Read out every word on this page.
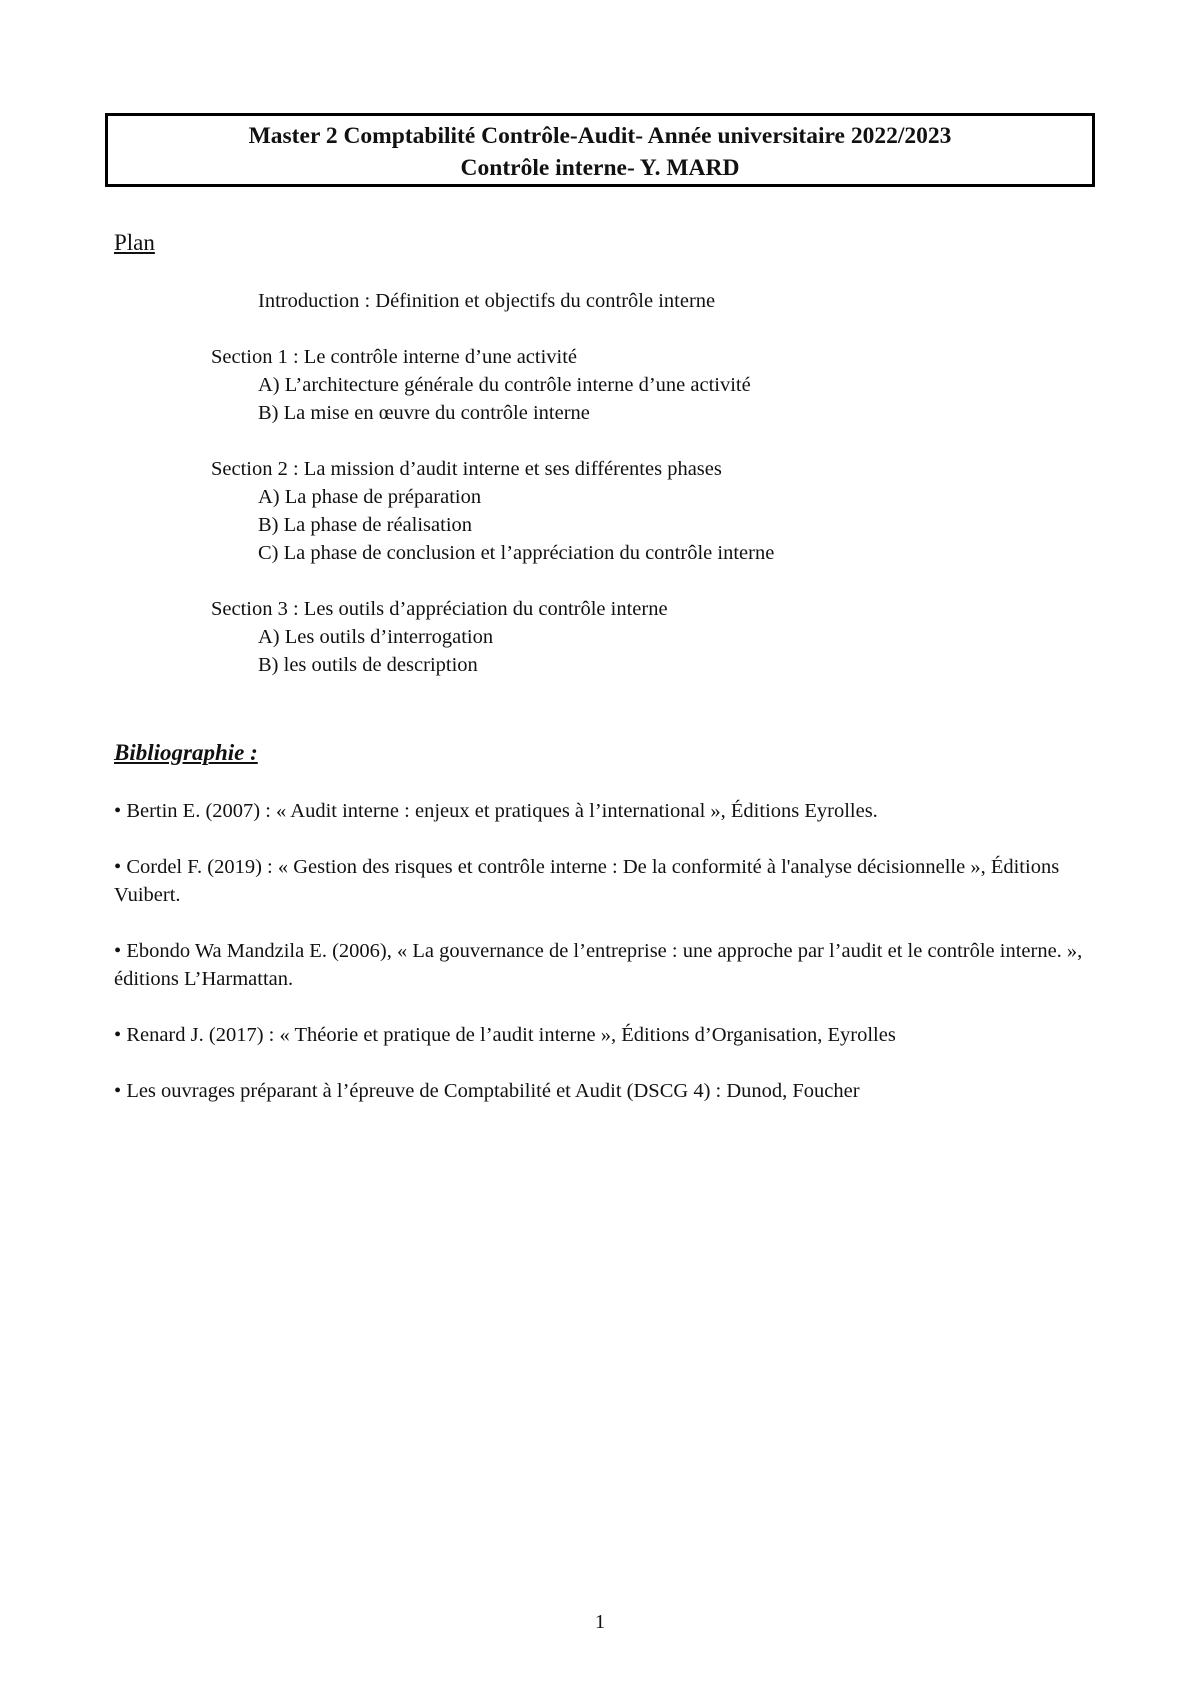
Master 2 Comptabilité Contrôle-Audit- Année universitaire 2022/2023
Contrôle interne- Y. MARD
Plan
Introduction : Définition et objectifs du contrôle interne
Section 1 : Le contrôle interne d’une activité
A) L’architecture générale du contrôle interne d’une activité
B) La mise en œuvre du contrôle interne
Section 2 : La mission d’audit interne et ses différentes phases
A) La phase de préparation
B) La phase de réalisation
C) La phase de conclusion et l’appréciation du contrôle interne
Section 3 : Les outils d’appréciation du contrôle interne
A) Les outils d’interrogation
B) les outils de description
Bibliographie :
• Bertin E. (2007) : « Audit interne : enjeux et pratiques à l’international », Éditions Eyrolles.
• Cordel F. (2019) : « Gestion des risques et contrôle interne : De la conformité à l'analyse décisionnelle », Éditions Vuibert.
• Ebondo Wa Mandzila E. (2006), « La gouvernance de l’entreprise : une approche par l’audit et le contrôle interne. », éditions L’Harmattan.
• Renard J. (2017) : « Théorie et pratique de l’audit interne », Éditions d’Organisation, Eyrolles
• Les ouvrages préparant à l’épreuve de Comptabilité et Audit (DSCG 4) : Dunod, Foucher
1
